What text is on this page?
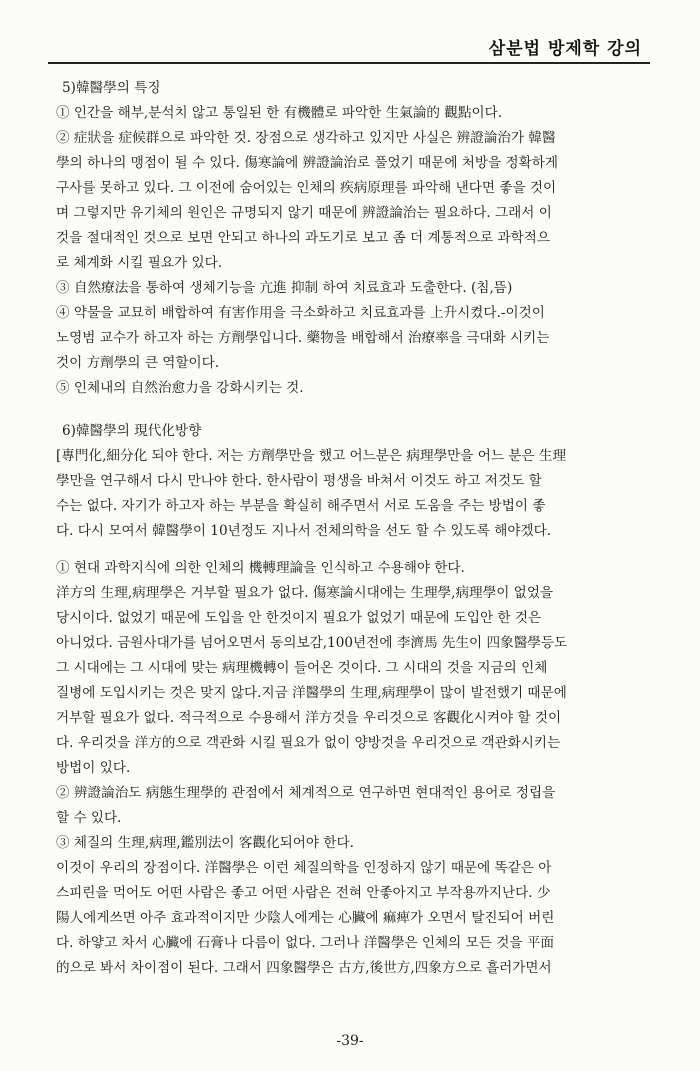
삼분법 방제학 강의
5)韓醫學의 특징
① 인간을 해부,분석치 않고 통일된 한 有機體로 파악한 生氣論的 觀點이다.
② 症狀을 症候群으로 파악한 것. 장점으로 생각하고 있지만 사실은 辨證論治가 韓醫
學의 하나의 맹점이 될 수 있다. 傷寒論에 辨證論治로 풀었기 때문에 처방을 정확하게
구사를 못하고 있다. 그 이전에 숨어있는 인체의 疾病原理를 파악해 낸다면 좋을 것이
며 그렇지만 유기체의 원인은 규명되지 않기 때문에 辨證論治는 필요하다. 그래서 이
것을 절대적인 것으로 보면 안되고 하나의 과도기로 보고 좀 더 계통적으로 과학적으
로 체계화 시킬 필요가 있다.
③ 自然療法을 통하여 생체기능을 亢進 抑制 하여 치료효과 도출한다. (침,뜸)
④ 약물을 교묘히 배합하여 有害作用을 극소화하고 치료효과를 上升시켰다.-이것이
노영범 교수가 하고자 하는 方劑學입니다. 藥物을 배합해서 治療率을 극대화 시키는
것이 方劑學의 큰 역할이다.
⑤ 인체내의 自然治愈力을 강화시키는 것.
6)韓醫學의 現代化방향
[專門化,細分化 되야 한다. 저는 方劑學만을 했고 어느분은 病理學만을 어느 분은 生理
學만을 연구해서 다시 만나야 한다. 한사람이 평생을 바쳐서 이것도 하고 저것도 할
수는 없다. 자기가 하고자 하는 부분을 확실히 해주면서 서로 도움을 주는 방법이 좋
다. 다시 모여서 韓醫學이 10년정도 지나서 전체의학을 선도 할 수 있도록 해야겠다.
① 현대 과학지식에 의한 인체의 機轉理論을 인식하고 수용해야 한다.
洋方의 生理,病理學은 거부할 필요가 없다. 傷寒論시대에는 生理學,病理學이 없었을
당시이다. 없었기 때문에 도입을 안 한것이지 필요가 없었기 때문에 도입안 한 것은
아니었다. 금원사대가를 넘어오면서 동의보감,100년전에 李濟馬 先生이 四象醫學등도
그 시대에는 그 시대에 맞는 病理機轉이 들어온 것이다. 그 시대의 것을 지금의 인체
질병에 도입시키는 것은 맞지 않다.지금 洋醫學의 生理,病理學이 많이 발전했기 때문에
거부할 필요가 없다. 적극적으로 수용해서 洋方것을 우리것으로 客觀化시켜야 할 것이
다. 우리것을 洋方的으로 객관화 시킬 필요가 없이 양방것을 우리것으로 객관화시키는
방법이 있다.
② 辨證論治도 病態生理學的 관점에서 체계적으로 연구하면 현대적인 용어로 정립을
할 수 있다.
③ 체질의 生理,病理,鑑別法이 客觀化되어야 한다.
이것이 우리의 장점이다. 洋醫學은 이런 체질의학을 인정하지 않기 때문에 똑같은 아
스피린을 먹어도 어떤 사람은 좋고 어떤 사람은 전혀 안좋아지고 부작용까지난다. 少
陽人에게쓰면 아주 효과적이지만 少陰人에게는 心臟에 痲痺가 오면서 탈진되어 버린
다. 하얗고 차서 心臟에 石膏나 다름이 없다. 그러나 洋醫學은 인체의 모든 것을 平面
的으로 봐서 차이점이 된다. 그래서 四象醫學은 古方,後世方,四象方으로 흘러가면서
-39-
